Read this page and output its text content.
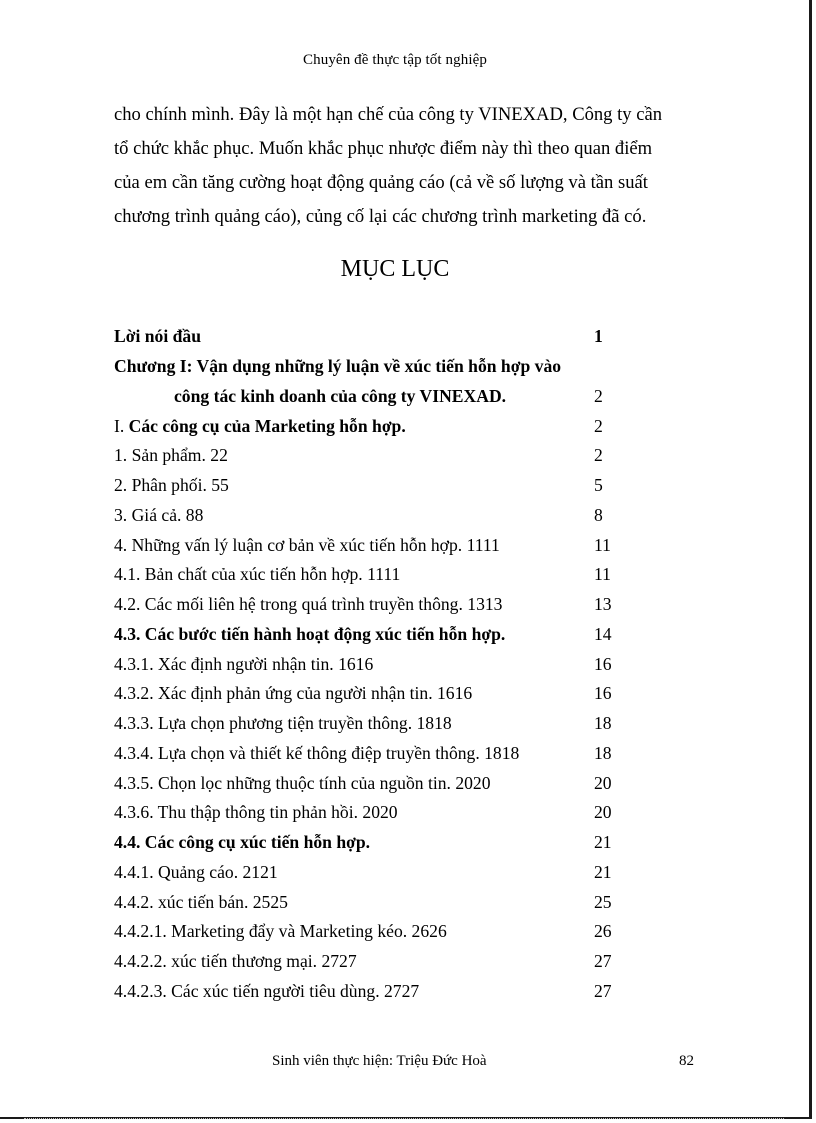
Chuyên đề thực tập tốt nghiệp

cho chính mình. Đây là một hạn chế của công ty VINEXAD, Công ty cần

tổ chức khắc phục. Muốn khắc phục nhược điểm này thì theo quan điểm

của em cần tăng cường hoạt động quảng cáo (cả về số lượng và tần suất

chương trình quảng cáo), củng cố lại các chương trình marketing đã có.

MỤC LỤC
Lời nói đầu	1
Chương I: Vận dụng những lý luận về xúc tiến hỗn hợp vào
công tác kinh doanh của công ty VINEXAD.	2
I. Các công cụ của Marketing hỗn hợp.	2
1. Sản phẩm. 22	2
2. Phân phối. 55	5
3. Giá cả. 88	8
4. Những vấn lý luận cơ bản về xúc tiến hỗn hợp. 1111	11
4.1. Bản chất của xúc tiến hỗn hợp. 1111	11
4.2. Các mối liên hệ trong quá trình truyền thông. 1313	13
4.3. Các bước tiến hành hoạt động xúc tiến hỗn hợp.	14
4.3.1. Xác định người nhận tin. 1616	16
4.3.2. Xác định phản ứng của người nhận tin. 1616	16
4.3.3. Lựa chọn phương tiện truyền thông. 1818	18
4.3.4. Lựa chọn và thiết kế thông điệp truyền thông. 1818	18
4.3.5. Chọn lọc những thuộc tính của nguồn tin. 2020	20
4.3.6. Thu thập thông tin phản hồi. 2020	20
4.4. Các công cụ xúc tiến hỗn hợp.	21
4.4.1. Quảng cáo. 2121	21
4.4.2. xúc tiến bán. 2525	25
4.4.2.1. Marketing đẩy và Marketing kéo. 2626	26
4.4.2.2. xúc tiến thương mại. 2727	27
4.4.2.3. Các xúc tiến người tiêu dùng. 2727	27
Sinh viên thực hiện: Triệu Đức Hoà	82
